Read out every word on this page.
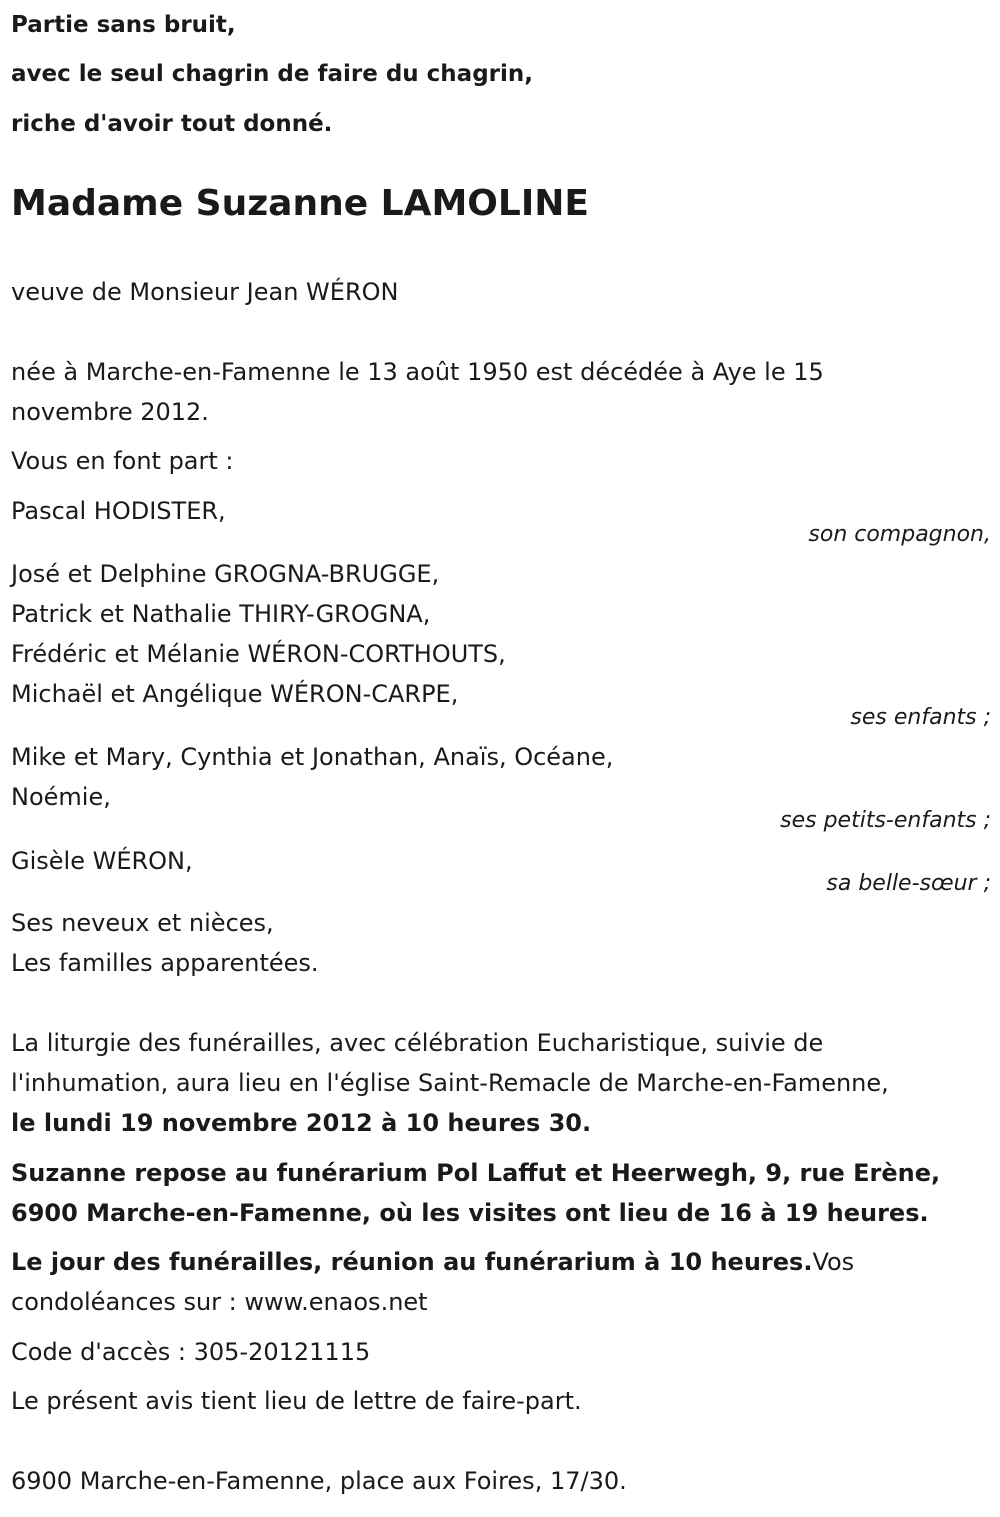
Partie sans bruit,
avec le seul chagrin de faire du chagrin,
riche d'avoir tout donné.
Madame Suzanne LAMOLINE
veuve de Monsieur Jean WÉRON
née à Marche-en-Famenne le 13 août 1950 est décédée à Aye le 15
novembre 2012.
Vous en font part :
Pascal HODISTER,
son compagnon,
José et Delphine GROGNA-BRUGGE,
Patrick et Nathalie THIRY-GROGNA,
Frédéric et Mélanie WÉRON-CORTHOUTS,
Michaël et Angélique WÉRON-CARPE,
ses enfants ;
Mike et Mary, Cynthia et Jonathan, Anaïs, Océane,
Noémie,
ses petits-enfants ;
Gisèle WÉRON,
sa belle-sœur ;
Ses neveux et nièces,
Les familles apparentées.
La liturgie des funérailles, avec célébration Eucharistique, suivie de
l'inhumation, aura lieu en l'église Saint-Remacle de Marche-en-Famenne,
le lundi 19 novembre 2012 à 10 heures 30.
Suzanne repose au funérarium Pol Laffut et Heerwegh, 9, rue Erène,
6900 Marche-en-Famenne, où les visites ont lieu de 16 à 19 heures.
Le jour des funérailles, réunion au funérarium à 10 heures.Vos
condoléances sur : www.enaos.net
Code d'accès : 305-20121115
Le présent avis tient lieu de lettre de faire-part.
6900 Marche-en-Famenne, place aux Foires, 17/30.
